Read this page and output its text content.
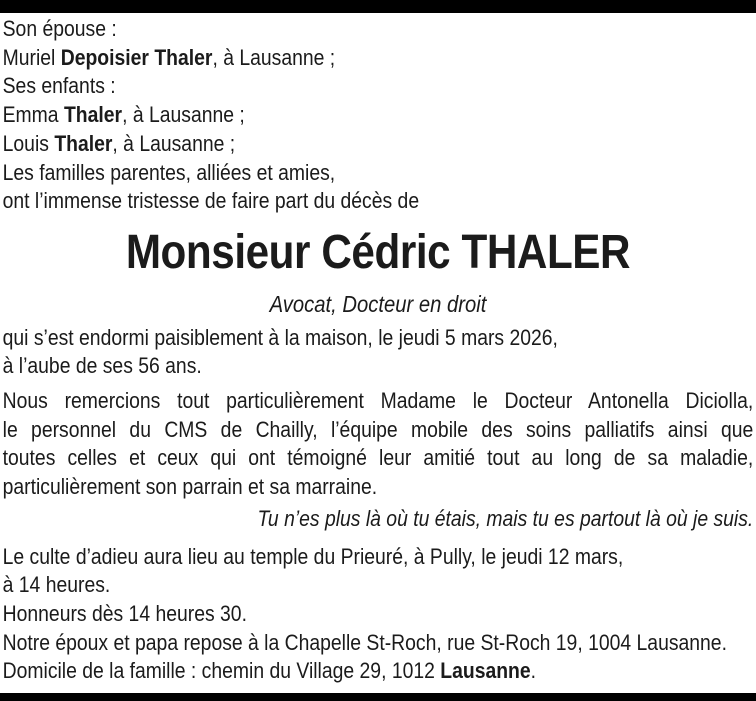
Son épouse :
Muriel Depoisier Thaler, à Lausanne ;
Ses enfants :
Emma Thaler, à Lausanne ;
Louis Thaler, à Lausanne ;
Les familles parentes, alliées et amies,
ont l’immense tristesse de faire part du décès de
Monsieur Cédric THALER
Avocat, Docteur en droit
qui s’est endormi paisiblement à la maison, le jeudi 5 mars 2026,
à l’aube de ses 56 ans.
Nous remercions tout particulièrement Madame le Docteur Antonella Diciolla,
le personnel du CMS de Chailly, l’équipe mobile des soins palliatifs ainsi que
toutes celles et ceux qui ont témoigné leur amitié tout au long de sa maladie,
particulièrement son parrain et sa marraine.
Tu n’es plus là où tu étais, mais tu es partout là où je suis.
Le culte d’adieu aura lieu au temple du Prieuré, à Pully, le jeudi 12 mars,
à 14 heures.
Honneurs dès 14 heures 30.
Notre époux et papa repose à la Chapelle St-Roch, rue St-Roch 19, 1004 Lausanne.
Domicile de la famille : chemin du Village 29, 1012 Lausanne.
